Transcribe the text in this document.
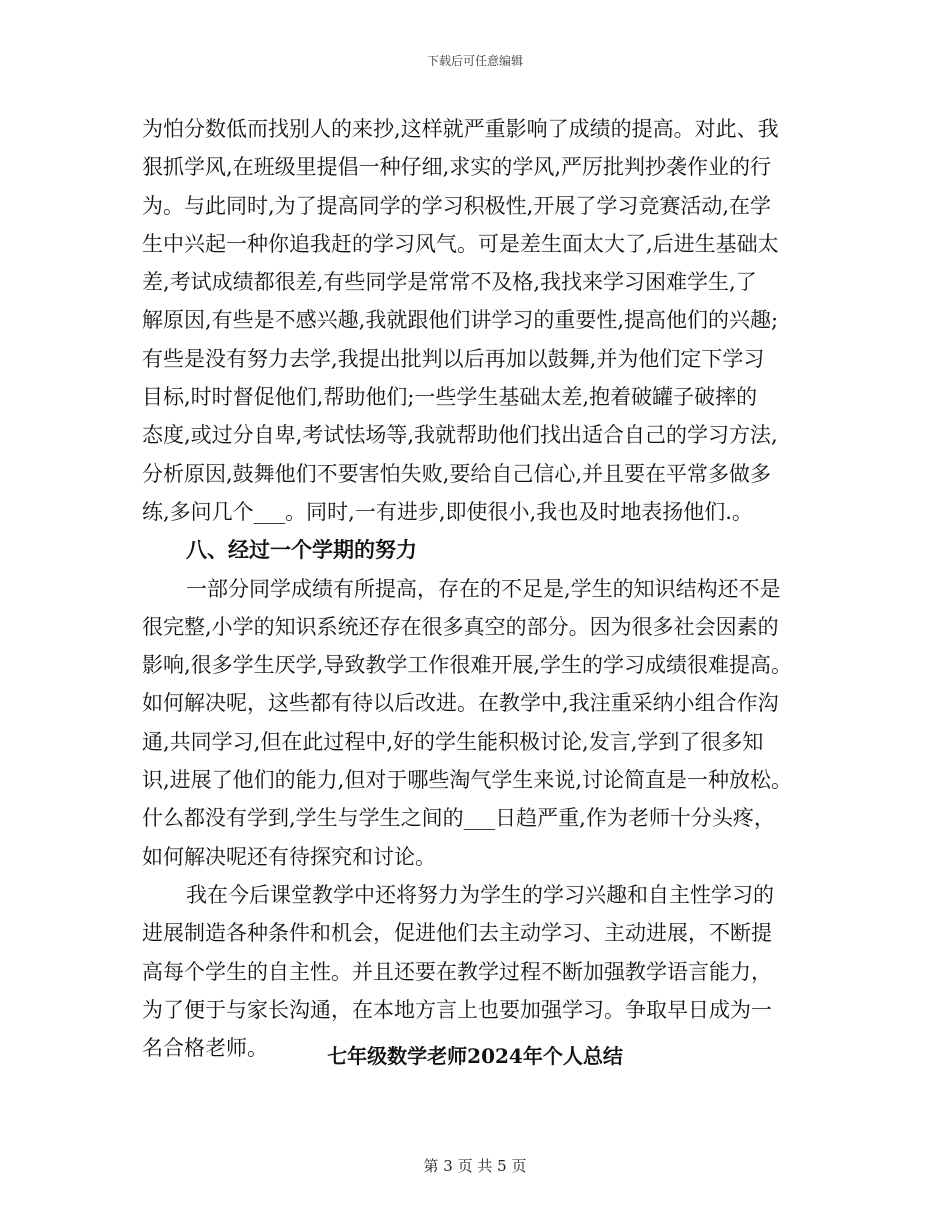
下载后可任意编辑
为怕分数低而找别人的来抄,这样就严重影响了成绩的提高。对此、我
狠抓学风,在班级里提倡一种仔细,求实的学风,严厉批判抄袭作业的行
为。与此同时,为了提高同学的学习积极性,开展了学习竞赛活动,在学
生中兴起一种你追我赶的学习风气。可是差生面太大了,后进生基础太
差,考试成绩都很差,有些同学是常常不及格,我找来学习困难学生,了
解原因,有些是不感兴趣,我就跟他们讲学习的重要性,提高他们的兴趣;
有些是没有努力去学,我提出批判以后再加以鼓舞,并为他们定下学习
目标,时时督促他们,帮助他们;一些学生基础太差,抱着破罐子破摔的
态度,或过分自卑,考试怯场等,我就帮助他们找出适合自己的学习方法,
分析原因,鼓舞他们不要害怕失败,要给自己信心,并且要在平常多做多
练,多问几个___。同时,一有进步,即使很小,我也及时地表扬他们.。
八、经过一个学期的努力
一部分同学成绩有所提高，存在的不足是,学生的知识结构还不是
很完整,小学的知识系统还存在很多真空的部分。因为很多社会因素的
影响,很多学生厌学,导致教学工作很难开展,学生的学习成绩很难提高。
如何解决呢，这些都有待以后改进。在教学中,我注重采纳小组合作沟
通,共同学习,但在此过程中,好的学生能积极讨论,发言,学到了很多知
识,进展了他们的能力,但对于哪些淘气学生来说,讨论简直是一种放松。
什么都没有学到,学生与学生之间的___日趋严重,作为老师十分头疼，
如何解决呢还有待探究和讨论。
我在今后课堂教学中还将努力为学生的学习兴趣和自主性学习的
进展制造各种条件和机会，促进他们去主动学习、主动进展，不断提
高每个学生的自主性。并且还要在教学过程不断加强教学语言能力，
为了便于与家长沟通，在本地方言上也要加强学习。争取早日成为一
名合格老师。	七年级数学老师2024年个人总结
第 3 页 共 5 页
